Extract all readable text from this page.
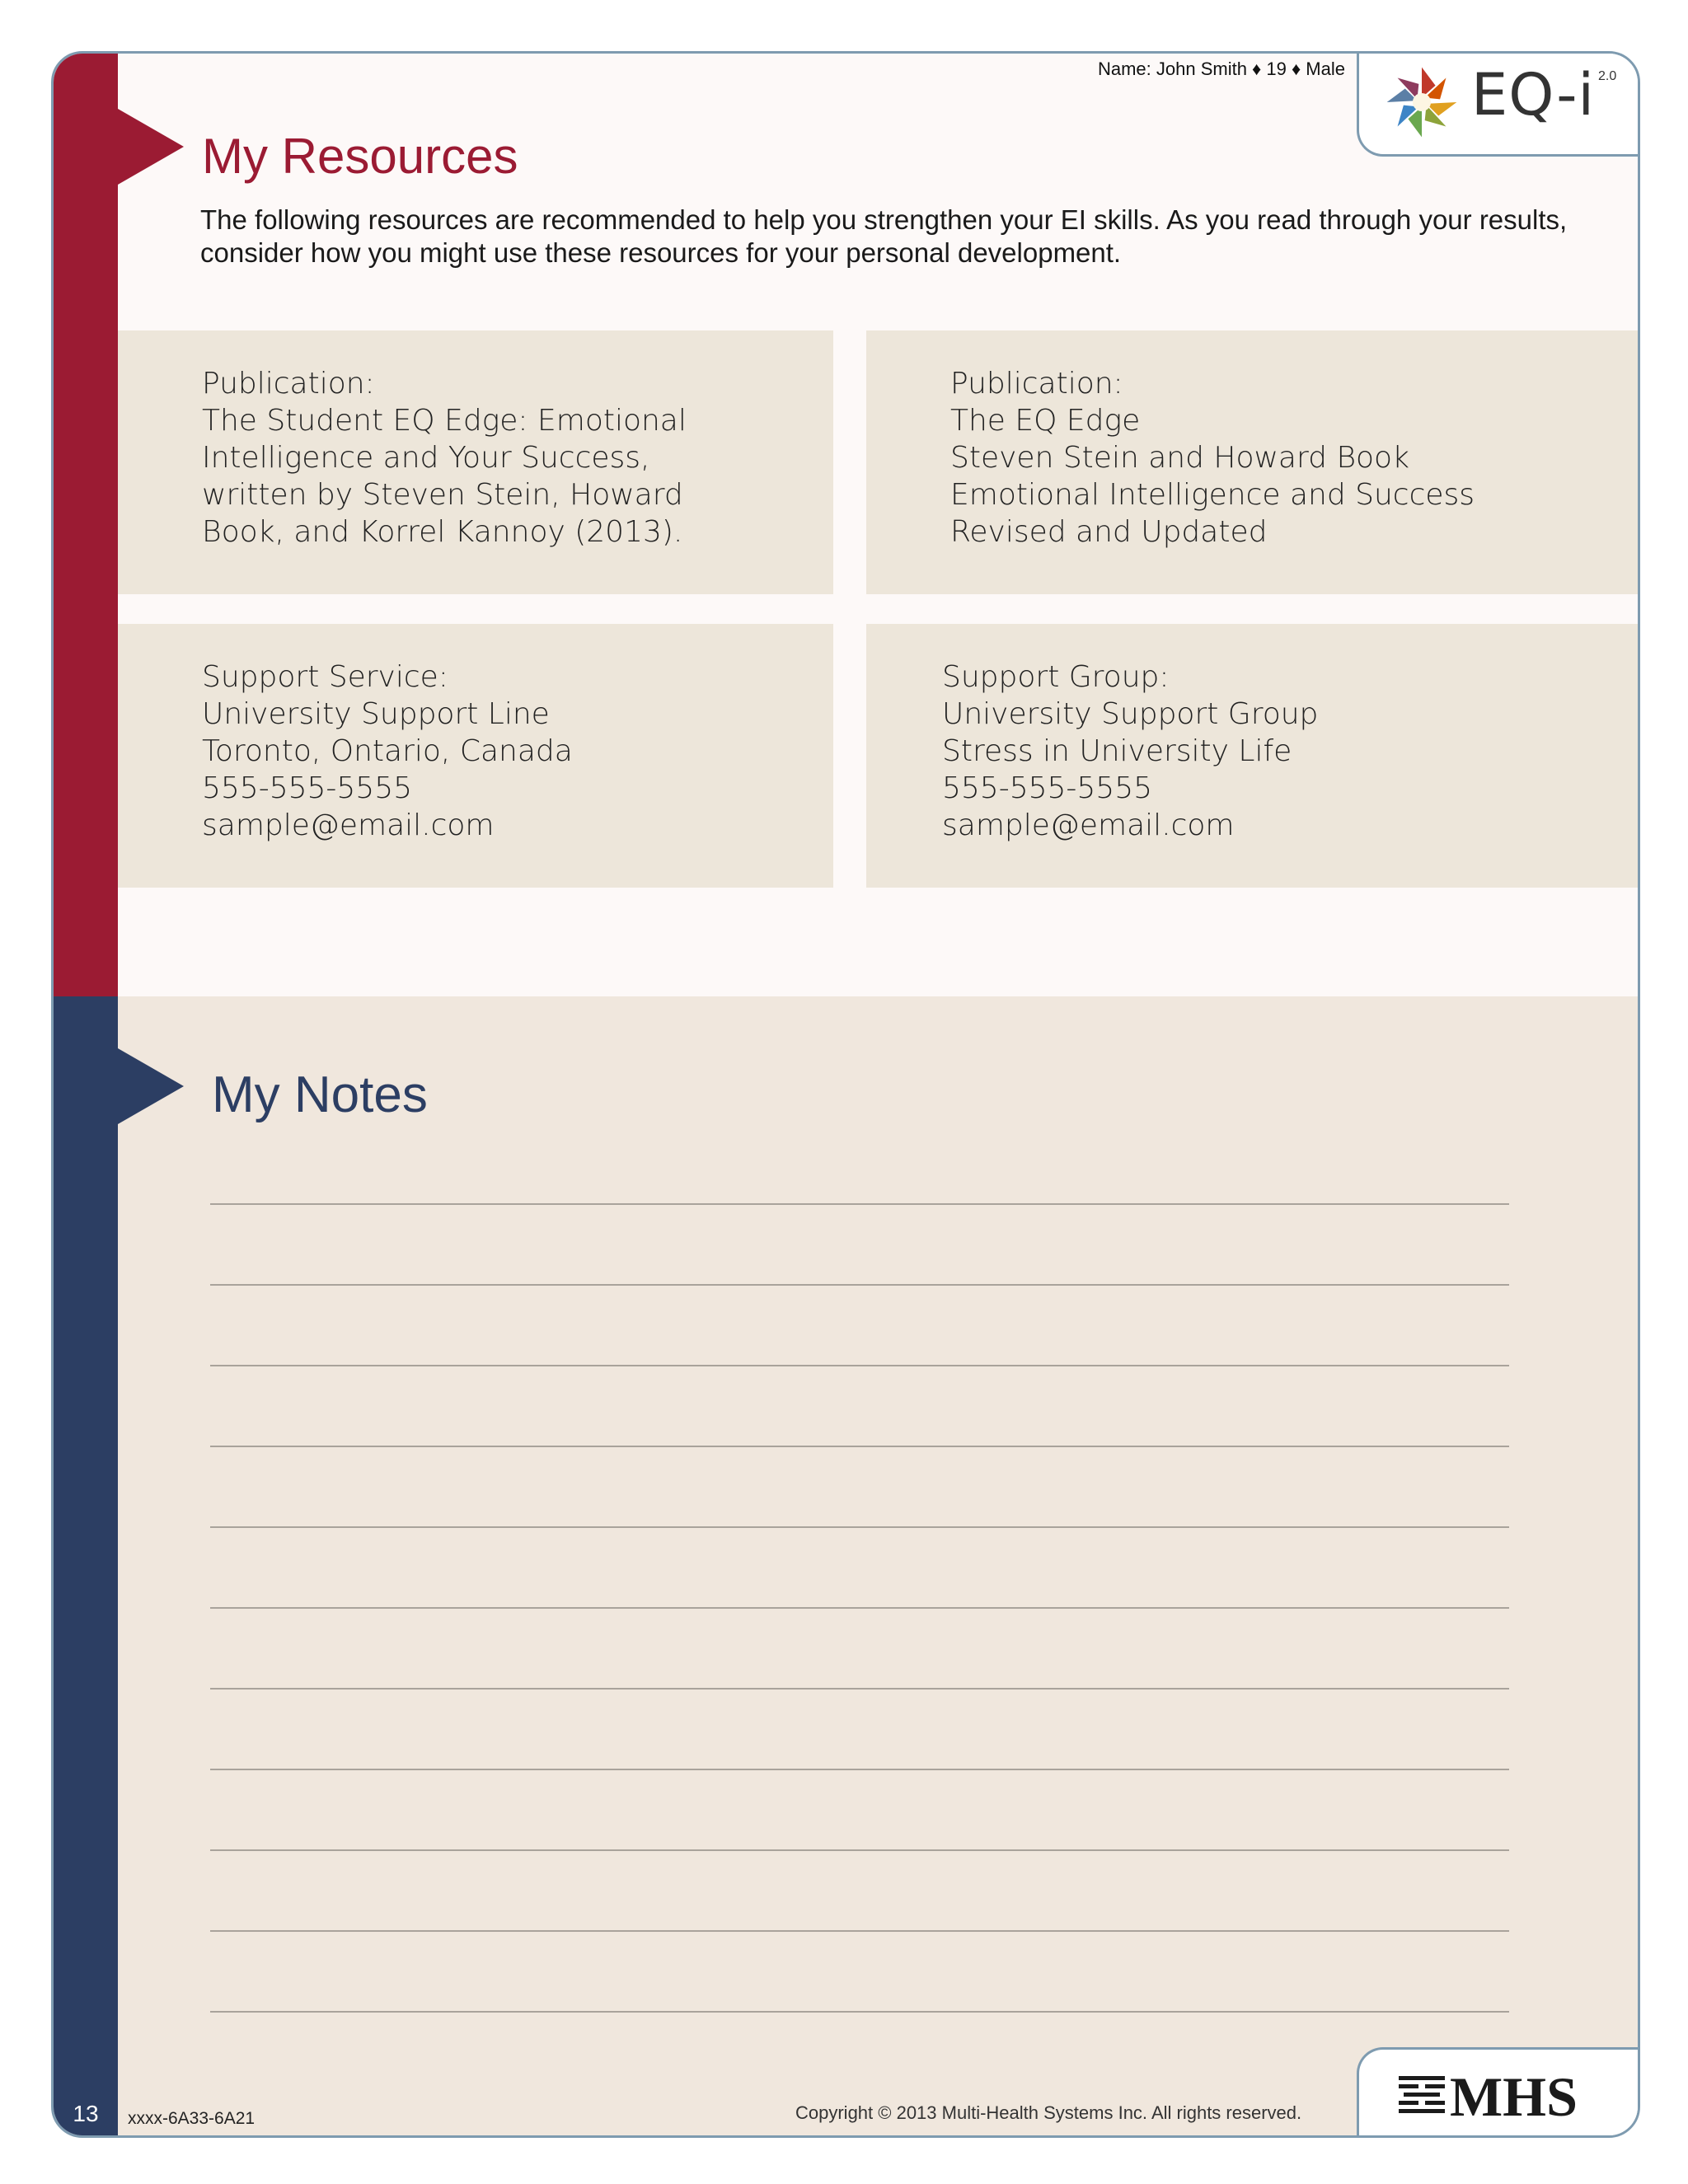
Name: John Smith ♦ 19 ♦ Male EQ-i 2.0
My Resources
The following resources are recommended to help you strengthen your EI skills. As you read through your results, consider how you might use these resources for your personal development.
Publication:
The Student EQ Edge: Emotional
Intelligence and Your Success,
written by Steven Stein, Howard
Book, and Korrel Kannoy (2013).
Publication:
The EQ Edge
Steven Stein and Howard Book
Emotional Intelligence and Success
Revised and Updated
Support Service:
University Support Line
Toronto, Ontario, Canada
555-555-5555
sample@email.com
Support Group:
University Support Group
Stress in University Life
555-555-5555
sample@email.com
My Notes
MHS
13	xxxx-6A33-6A21	Copyright © 2013 Multi-Health Systems Inc. All rights reserved.
